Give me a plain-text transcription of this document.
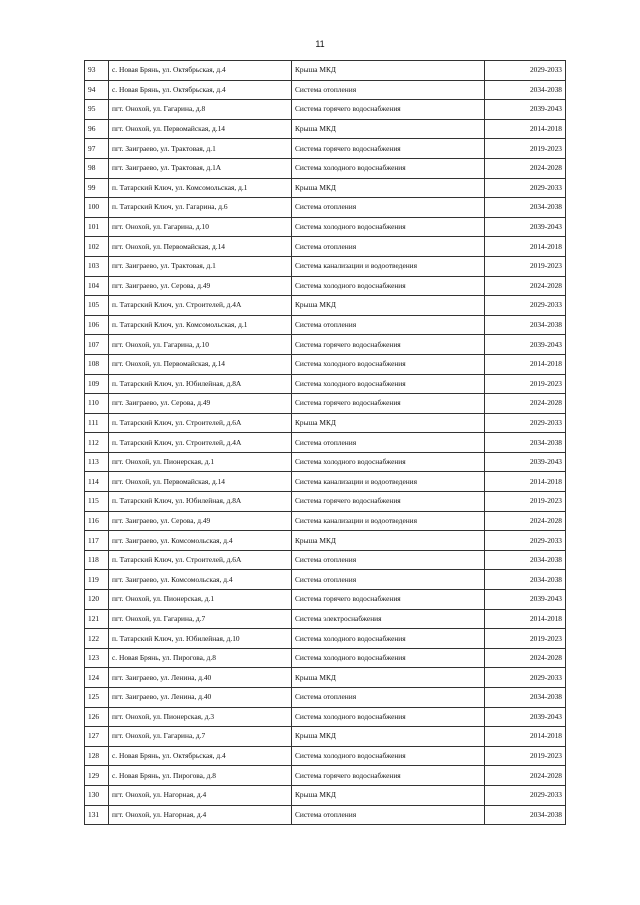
11
93	с. Новая Брянь, ул. Октябрьская, д.4	Крыша МКД	2029-2033
94	с. Новая Брянь, ул. Октябрьская, д.4	Система отопления	2034-2038
95	пгт. Онохой, ул. Гагарина, д.8	Система горячего водоснабжения	2039-2043
96	пгт. Онохой, ул. Первомайская, д.14	Крыша МКД	2014-2018
97	пгт. Заиграево, ул. Трактовая, д.1	Система горячего водоснабжения	2019-2023
98	пгт. Заиграево, ул. Трактовая, д.1А	Система холодного водоснабжения	2024-2028
99	п. Татарский Ключ, ул. Комсомольская, д.1	Крыша МКД	2029-2033
100	п. Татарский Ключ, ул. Гагарина, д.6	Система отопления	2034-2038
101	пгт. Онохой, ул. Гагарина, д.10	Система холодного водоснабжения	2039-2043
102	пгт. Онохой, ул. Первомайская, д.14	Система отопления	2014-2018
103	пгт. Заиграево, ул. Трактовая, д.1	Система канализации и водоотведения	2019-2023
104	пгт. Заиграево, ул. Серова, д.49	Система холодного водоснабжения	2024-2028
105	п. Татарский Ключ, ул. Строителей, д.4А	Крыша МКД	2029-2033
106	п. Татарский Ключ, ул. Комсомольская, д.1	Система отопления	2034-2038
107	пгт. Онохой, ул. Гагарина, д.10	Система горячего водоснабжения	2039-2043
108	пгт. Онохой, ул. Первомайская, д.14	Система холодного водоснабжения	2014-2018
109	п. Татарский Ключ, ул. Юбилейная, д.8А	Система холодного водоснабжения	2019-2023
110	пгт. Заиграево, ул. Серова, д.49	Система горячего водоснабжения	2024-2028
111	п. Татарский Ключ, ул. Строителей, д.6А	Крыша МКД	2029-2033
112	п. Татарский Ключ, ул. Строителей, д.4А	Система отопления	2034-2038
113	пгт. Онохой, ул. Пионерская, д.1	Система холодного водоснабжения	2039-2043
114	пгт. Онохой, ул. Первомайская, д.14	Система канализации и водоотведения	2014-2018
115	п. Татарский Ключ, ул. Юбилейная, д.8А	Система горячего водоснабжения	2019-2023
116	пгт. Заиграево, ул. Серова, д.49	Система канализации и водоотведения	2024-2028
117	пгт. Заиграево, ул. Комсомольская, д.4	Крыша МКД	2029-2033
118	п. Татарский Ключ, ул. Строителей, д.6А	Система отопления	2034-2038
119	пгт. Заиграево, ул. Комсомольская, д.4	Система отопления	2034-2038
120	пгт. Онохой, ул. Пионерская, д.1	Система горячего водоснабжения	2039-2043
121	пгт. Онохой, ул. Гагарина, д.7	Система электроснабжения	2014-2018
122	п. Татарский Ключ, ул. Юбилейная, д.10	Система холодного водоснабжения	2019-2023
123	с. Новая Брянь, ул. Пирогова, д.8	Система холодного водоснабжения	2024-2028
124	пгт. Заиграево, ул. Ленина, д.40	Крыша МКД	2029-2033
125	пгт. Заиграево, ул. Ленина, д.40	Система отопления	2034-2038
126	пгт. Онохой, ул. Пионерская, д.3	Система холодного водоснабжения	2039-2043
127	пгт. Онохой, ул. Гагарина, д.7	Крыша МКД	2014-2018
128	с. Новая Брянь, ул. Октябрьская, д.4	Система холодного водоснабжения	2019-2023
129	с. Новая Брянь, ул. Пирогова, д.8	Система горячего водоснабжения	2024-2028
130	пгт. Онохой, ул. Нагорная, д.4	Крыша МКД	2029-2033
131	пгт. Онохой, ул. Нагорная, д.4	Система отопления	2034-2038
